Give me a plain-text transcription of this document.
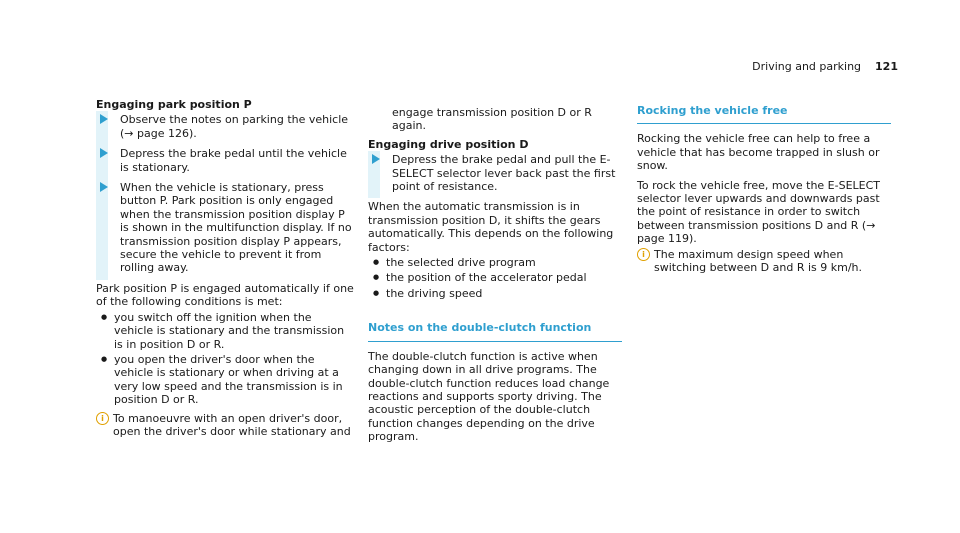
Driving and parking 121
Engaging park position P
Observe the notes on parking the vehicle (→ page 126).
Depress the brake pedal until the vehicle is stationary.
When the vehicle is stationary, press button P. Park position is only engaged when the transmission position display P is shown in the multifunction display. If no transmission position display P appears, secure the vehicle to prevent it from rolling away.

Park position P is engaged automatically if one of the following conditions is met:

● you switch off the ignition when the vehicle is stationary and the transmission is in position D or R.
● you open the driver's door when the vehicle is stationary or when driving at a very low speed and the transmission is in position D or R.
i To manoeuvre with an open driver's door, open the driver's door while stationary and

engage transmission position D or R again.

Engaging drive position D
Depress the brake pedal and pull the E-SELECT selector lever back past the first point of resistance.

When the automatic transmission is in transmission position D, it shifts the gears automatically. This depends on the following factors:

● the selected drive program
● the position of the accelerator pedal
● the driving speed
Notes on the double-clutch function

The double-clutch function is active when changing down in all drive programs. The double-clutch function reduces load change reactions and supports sporty driving. The acoustic perception of the double-clutch function changes depending on the drive program.

Rocking the vehicle free

Rocking the vehicle free can help to free a vehicle that has become trapped in slush or snow.

To rock the vehicle free, move the E-SELECT selector lever upwards and downwards past the point of resistance in order to switch between transmission positions D and R (→ page 119).

i The maximum design speed when switching between D and R is 9 km/h.
